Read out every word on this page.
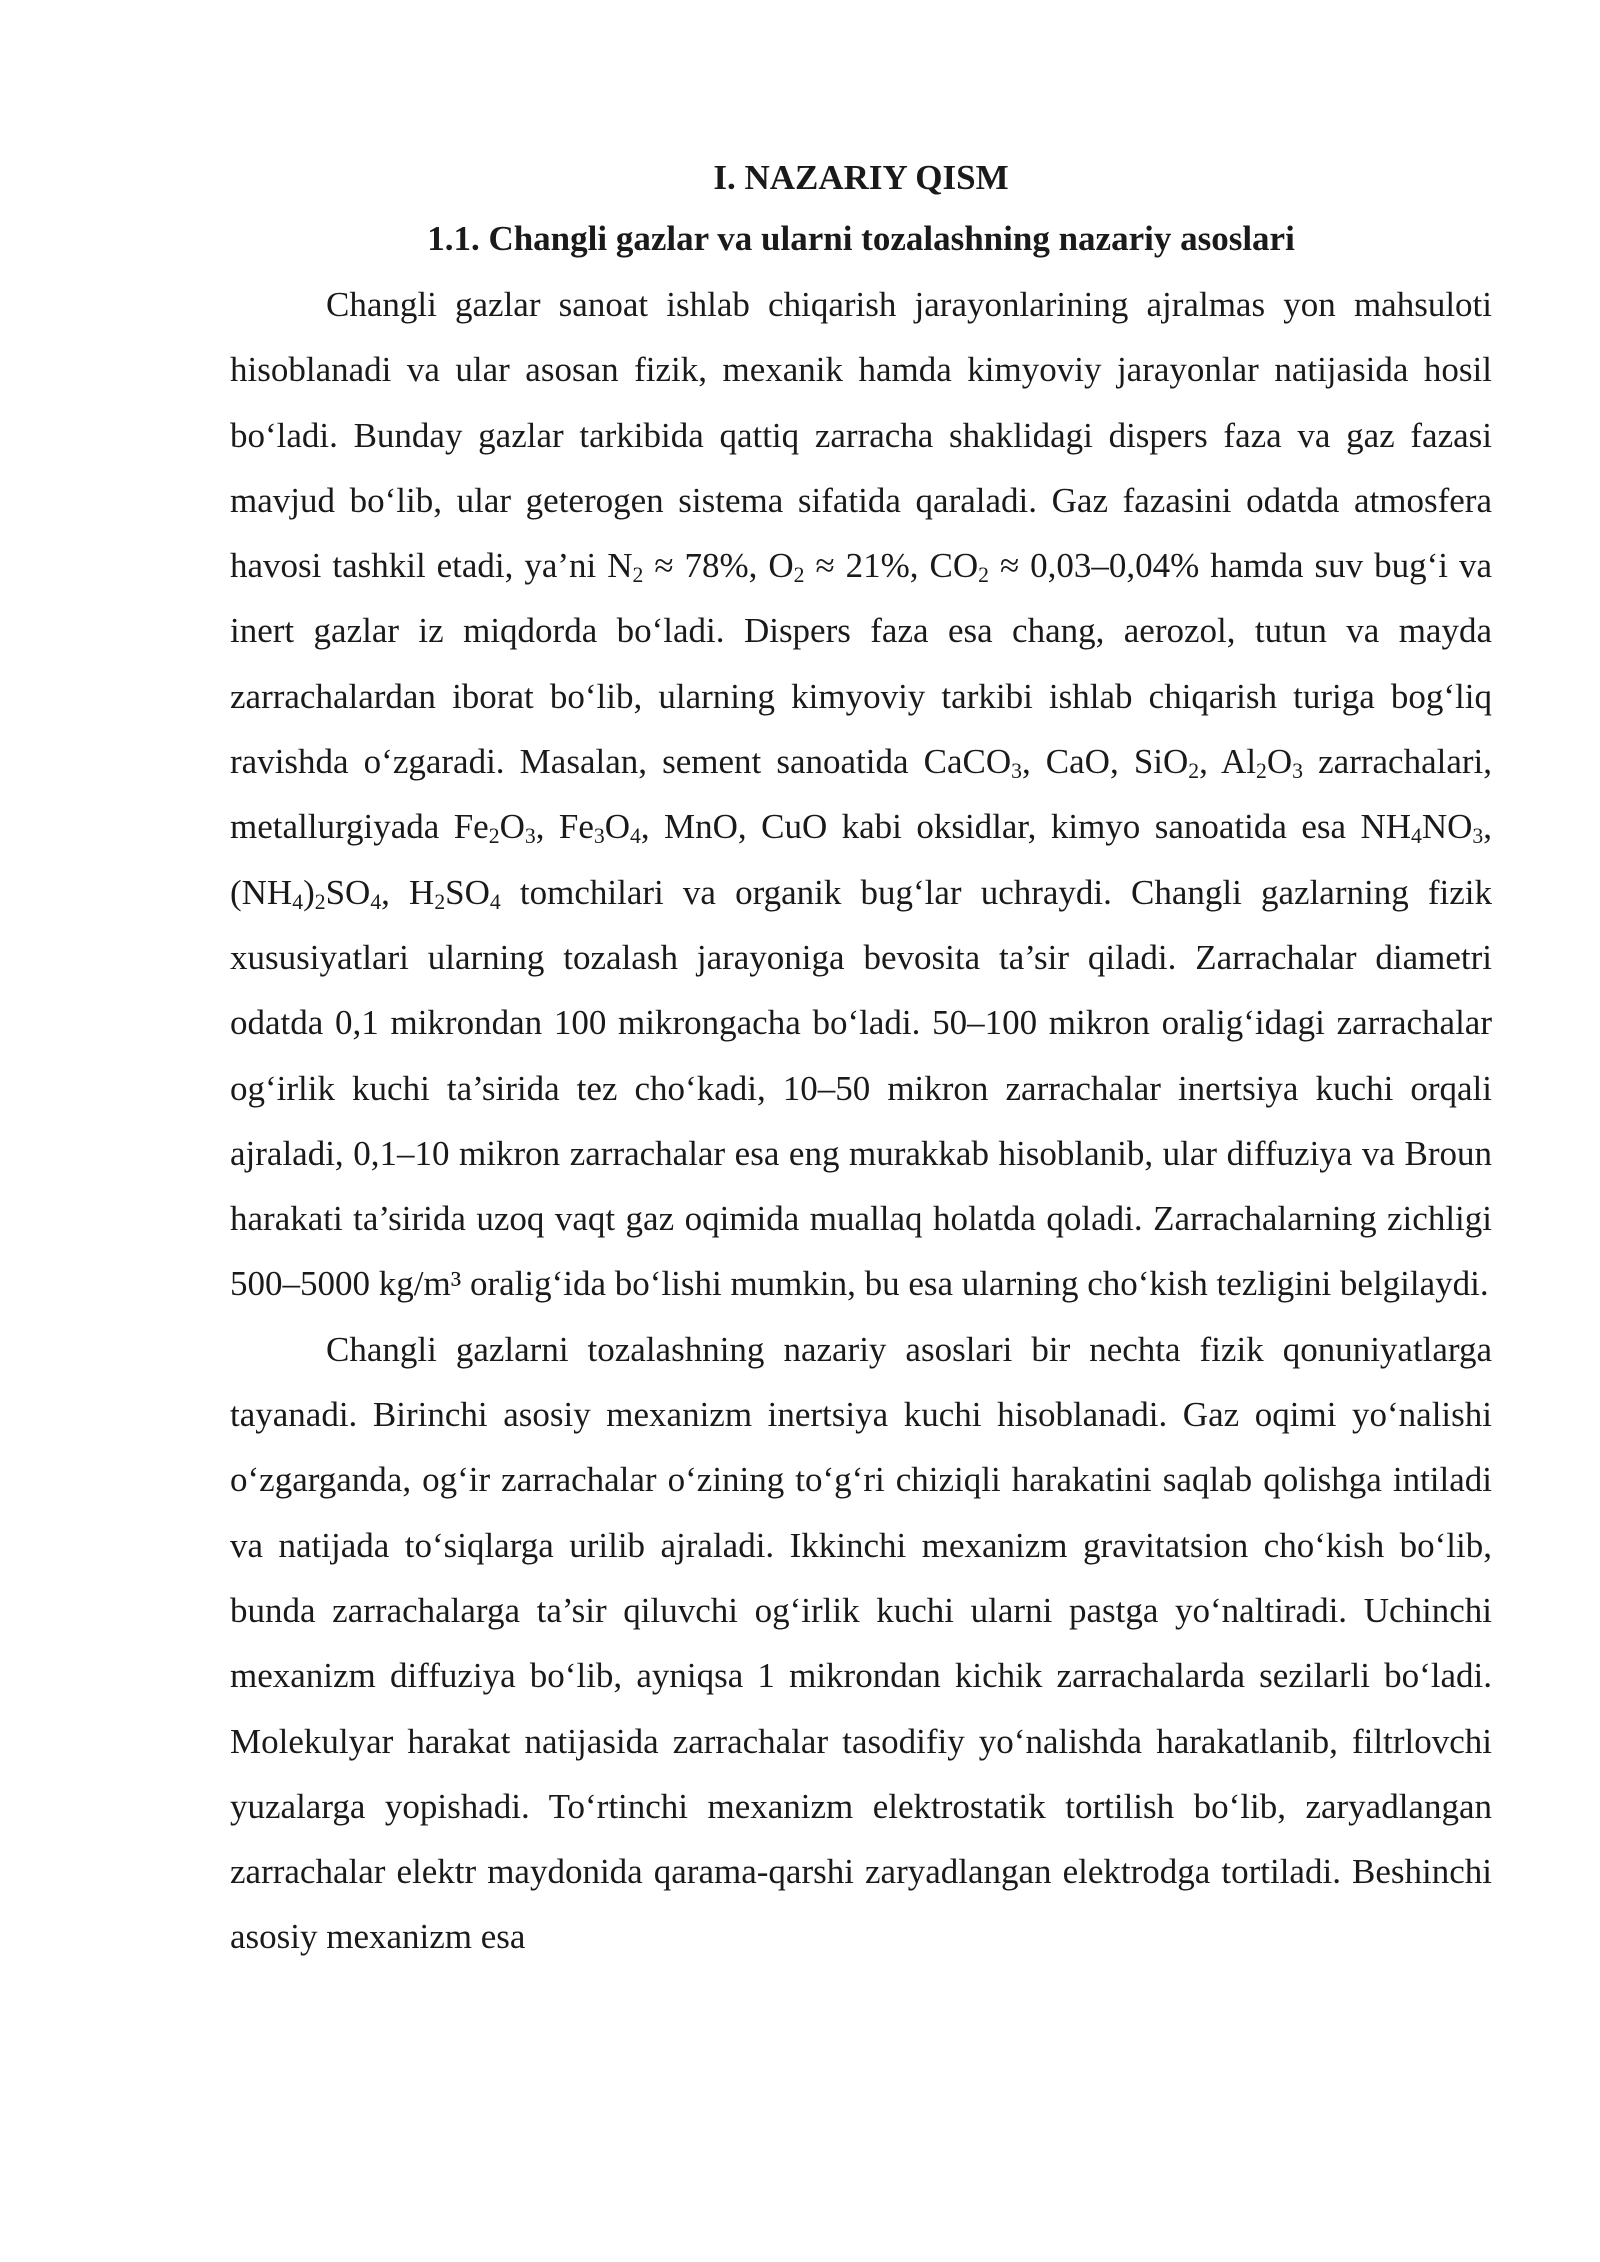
I. NAZARIY QISM
1.1. Changli gazlar va ularni tozalashning nazariy asoslari

Changli gazlar sanoat ishlab chiqarish jarayonlarining ajralmas yon mahsuloti hisoblanadi va ular asosan fizik, mexanik hamda kimyoviy jarayonlar natijasida hosil bo‘ladi. Bunday gazlar tarkibida qattiq zarracha shaklidagi dispers faza va gaz fazasi mavjud bo‘lib, ular geterogen sistema sifatida qaraladi. Gaz fazasini odatda atmosfera havosi tashkil etadi, ya’ni $N_2 \approx 78\%$, $O_2 \approx 21\%$, $CO_2 \approx 0,03-0,04\%$ hamda suv bug‘i va inert gazlar iz miqdorda bo‘ladi. Dispers faza esa chang, aerozol, tutun va mayda zarrachalardan iborat bo‘lib, ularning kimyoviy tarkibi ishlab chiqarish turiga bog‘liq ravishda o‘zgaradi. Masalan, sement sanoatida CaCO$_3$, CaO, SiO$_2$, $Al_2O_3$ zarrachalari, metallurgiyada $Fe_2O_3$, $Fe_3O_4$, MnO, CuO kabi oksidlar, kimyo sanoatida esa $NH_4NO_3$, $(NH_4)_2SO_4$, $H_2SO_4$ tomchilari va organik bug‘lar uchraydi. Changli gazlarning fizik xususiyatlari ularning tozalash jarayoniga bevosita ta’sir qiladi. Zarrachalar diametri odatda 0,1 mikrondan 100 mikrongacha bo‘ladi. 50–100 mikron oralig‘idagi zarrachalar og‘irlik kuchi ta’sirida tez cho‘kadi, 10–50 mikron zarrachalar inertsiya kuchi orqali ajraladi, 0,1–10 mikron zarrachalar esa eng murakkab hisoblanib, ular diffuziya va Broun harakati ta’sirida uzoq vaqt gaz oqimida muallaq holatda qoladi. Zarrachalarning zichligi 500–5000 kg/m³ oralig‘ida bo‘lishi mumkin, bu esa ularning cho‘kish tezligini belgilaydi.

Changli gazlarni tozalashning nazariy asoslari bir nechta fizik qonuniyatlarga tayanadi. Birinchi asosiy mexanizm inertsiya kuchi hisoblanadi. Gaz oqimi yo‘nalishi o‘zgarganda, og‘ir zarrachalar o‘zining to‘g‘ri chiziqli harakatini saqlab qolishga intiladi va natijada to‘siqlarga urilib ajraladi. Ikkinchi mexanizm gravitatsion cho‘kish bo‘lib, bunda zarrachalarga ta’sir qiluvchi og‘irlik kuchi ularni pastga yo‘naltiradi. Uchinchi mexanizm diffuziya bo‘lib, ayniqsa 1 mikrondan kichik zarrachalarda sezilarli bo‘ladi. Molekulyar harakat natijasida zarrachalar tasodifiy yo‘nalishda harakatlanib, filtrlovchi yuzalarga yopishadi. To‘rtinchi mexanizm elektrostatik tortilish bo‘lib, zaryadlangan zarrachalar elektr maydonida qarama-qarshi zaryadlangan elektrodga tortiladi. Beshinchi asosiy mexanizm esa
